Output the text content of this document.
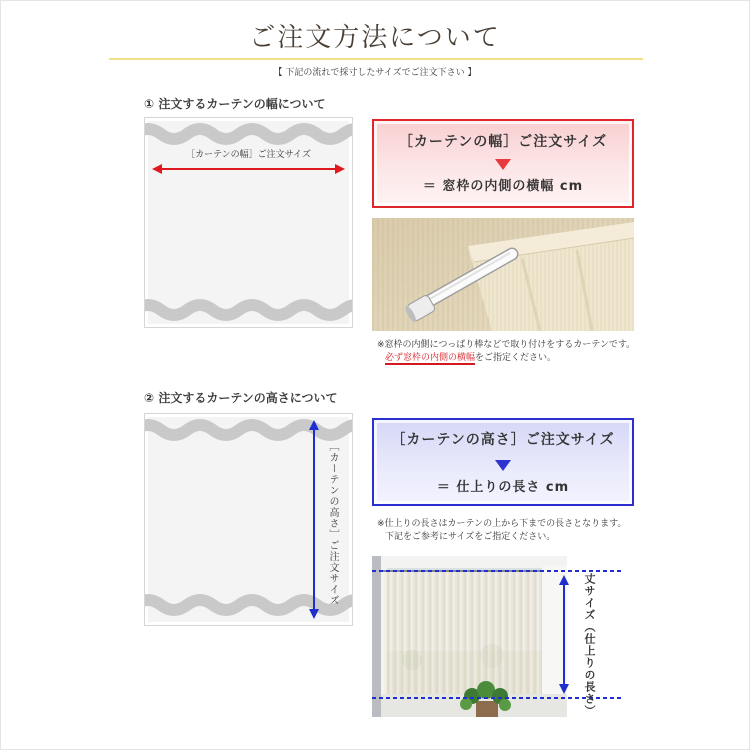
ご注文方法について
【 下記の流れで採寸したサイズでご注文下さい 】
① 注文するカーテンの幅について
［カーテンの幅］ご注文サイズ
［カーテンの幅］ご注文サイズ
＝ 窓枠の内側の横幅 cm
※窓枠の内側につっぱり棒などで取り付けをするカーテンです。
必ず窓枠の内側の横幅をご指定ください。
② 注文するカーテンの高さについて
［カーテンの高さ］ご注文サイズ
［カーテンの高さ］ご注文サイズ
＝ 仕上りの長さ cm
※仕上りの長さはカーテンの上から下までの長さとなります。
下記をご参考にサイズをご指定ください。
丈サイズ（仕上りの長さ）
